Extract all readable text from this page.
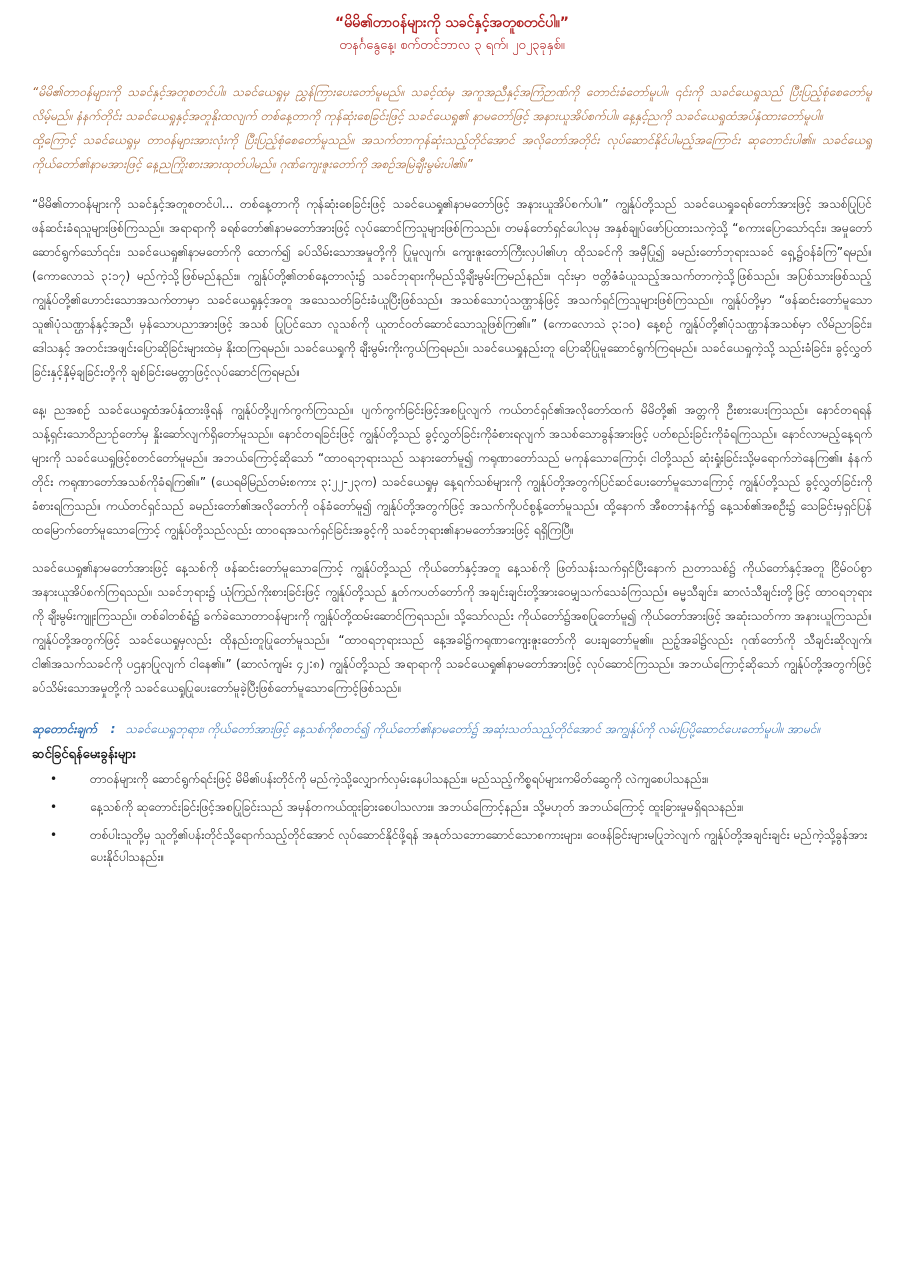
“မိမိ၏တာဝန်များကို သခင်နှင့်အတူစတင်ပါ။”
တနင်္ဂနွေနေ့၊ စက်တင်ဘာလ ၃ ရက်၊ ၂၀၂၃ခုနှစ်။

“မိမိ၏တာဝန်များကို သခင်နှင့်အတူစတင်ပါ။ သခင်ယေရှုမှ ညွှန်ကြားပေးတော်မူမည်။ သခင့်ထံမှ အကူအညီနှင့်အကြံဉာဏ်ကို တောင်းခံတော်မူပါ။ ၎င်းကို သခင်ယေရှုသည် ပြီးပြည့်စုံစေတော်မူလိမ့်မည်။ နံနက်တိုင်း သခင်ယေရှုနှင့်အတူနိုးထလျက် တစ်နေ့တာကို ကုန်ဆုံးစေခြင်းဖြင့် သခင်ယေရှု၏ နာမတော်ဖြင့် အနားယူအိပ်စက်ပါ။ နေ့နှင့်ညကို သခင်ယေရှုထံအပ်နှံထားတော်မူပါ။

ထို့ကြောင့် သခင်ယေရှုမှ တာဝန်များအားလုံးကို ပြီးပြည့်စုံစေတော်မူသည်။ အသက်တာကုန်ဆုံးသည့်တိုင်အောင် အလိုတော်အတိုင်း လုပ်ဆောင်နိုင်ပါမည့်အကြောင်း ဆုတောင်းပါ၏။ သခင်ယေရှု ကိုယ်တော်၏နာမအားဖြင့် နေ့ညကြိုးစားအားထုတ်ပါမည်။ ဂုဏ်ကျေးဇူးတော်ကို အစဉ်အမြဲချီးမွမ်းပါ၏။”

“မိမိ၏တာဝန်များကို သခင်နှင့်အတူစတင်ပါ... တစ်နေ့တာကို ကုန်ဆုံးစေခြင်းဖြင့် သခင်ယေရှု၏နာမတော်ဖြင့် အနားယူအိပ်စက်ပါ။” ကျွန်ုပ်တို့သည် သခင်ယေရှုခရစ်တော်အားဖြင့် အသစ်ပြုပြင်ဖန်ဆင်းခံရသူများဖြစ်ကြသည်။ အရာရာကို ခရစ်တော်၏နာမတော်အားဖြင့် လုပ်ဆောင်ကြသူများဖြစ်ကြသည်။ တမန်တော်ရှင်ပေါလုမှ အနှစ်ချုပ်ဖော်ပြထားသကဲ့သို့ “စကားပြောသော်၎င်း၊ အမှုတော်ဆောင်ရွက်သော်၎င်း၊ သခင်ယေရှု၏နာမတော်ကို ထောက်၍ ခပ်သိမ်းသောအမှုတို့ကို ပြုမူလျက်၊ ကျေးဇူးတော်ကြီးလှပါ၏ဟု ထိုသခင်ကို အမှီပြု၍ ခမည်းတော်ဘုရားသခင် ရှေ့၌ဝန်ခံကြ”ရမည်။ (ကောလောသဲ ၃:၁၇) မည်ကဲ့သို့ဖြစ်မည်နည်း။ ကျွန်ုပ်တို့၏တစ်နေ့တာလုံး၌ သခင်ဘုရားကိုမည်သို့ချီးမွမ်းကြမည်နည်း။ ၎င်းမှာ ဗတ္တိဇံခံယူသည့်အသက်တာကဲ့သို့ဖြစ်သည်။ အပြစ်သားဖြစ်သည့် ကျွန်ုပ်တို့၏ဟောင်းသောအသက်တာမှာ သခင်ယေရှုနှင့်အတူ အသေသတ်ခြင်းခံယူပြီးဖြစ်သည်။ အသစ်သောပုံသဏ္ဌာန်ဖြင့် အသက်ရှင်ကြသူများဖြစ်ကြသည်။ ကျွန်ုပ်တို့မှာ “ဖန်ဆင်းတော်မူသောသူ၏ပုံသဏ္ဌာန်နှင့်အညီ၊ မှန်သောပညာအားဖြင့် အသစ် ပြုပြင်သော လူသစ်ကို ယူတင်ဝတ်ဆောင်သောသူဖြစ်ကြ၏။” (ကောလောသဲ ၃:၁၀) နေ့စဉ် ကျွန်ုပ်တို့၏ပုံသဏ္ဌာန်အသစ်မှာ လိမ်ညာခြင်း၊ ဒေါသနှင့် အတင်းအဖျင်းပြောဆိုခြင်းများထဲမှ နိုးထကြရမည်။ သခင်ယေရှုကို ချီးမွမ်းကိုးကွယ်ကြရမည်။ သခင်ယေရှုနည်းတူ ပြောဆိုပြုမူဆောင်ရွက်ကြရမည်။ သခင်ယေရှုကဲ့သို့ သည်းခံခြင်း၊ ခွင့်လွှတ်ခြင်းနှင့်နှိမ့်ချခြင်းတို့ကို ချစ်ခြင်းမေတ္တာဖြင့်လုပ်ဆောင်ကြရမည်။

နေ့၊ ညအစဉ် သခင်ယေရှုထံအပ်နှံထားဖို့ရန် ကျွန်ုပ်တို့ပျက်ကွက်ကြသည်။ ပျက်ကွက်ခြင်းဖြင့်အစပြုလျက် ကယ်တင်ရှင်၏အလိုတော်ထက် မိမိတို့၏ အတ္တကို ဦးစားပေးကြသည်။ နောင်တရရန် သန့်ရှင်းသောဝိညာဉ်တော်မှ နှိုးဆော်လျက်ရှိတော်မူသည်။ နောင်တရခြင်းဖြင့် ကျွန်ုပ်တို့သည် ခွင့်လွှတ်ခြင်းကိုခံစားရလျက် အသစ်သောခွန်အားဖြင့် ပတ်စည်းခြင်းကိုခံရကြသည်။ နောင်လာမည့်နေ့ရက်များကို သခင်ယေရှုဖြင့်စတင်တော်မူမည်။ အဘယ်ကြောင့်ဆိုသော် “ထာဝရဘုရားသည် သနားတော်မူ၍ ကရုဏာတော်သည် မကုန်သောကြောင့်၊ ငါတို့သည် ဆုံးရှုံးခြင်းသို့မရောက်ဘဲနေကြ၏။ နံနက်တိုင်း ကရုဏာတော်အသစ်ကိုခံရကြ၏။” (ယေရမိမြည်တမ်းစကား ၃:၂၂-၂၃က) သခင်ယေရှုမှ နေ့ရက်သစ်များကို ကျွန်ုပ်တို့အတွက်ပြင်ဆင်ပေးတော်မူသောကြောင့် ကျွန်ုပ်တို့သည် ခွင့်လွှတ်ခြင်းကို ခံစားရကြသည်။ ကယ်တင်ရှင်သည် ခမည်းတော်၏အလိုတော်ကို ဝန်ခံတော်မူ၍ ကျွန်ုပ်တို့အတွက်ဖြင့် အသက်ကိုပင်စွန့်တော်မူသည်။ ထို့နောက် အီစတာနံနက်၌ နေ့သစ်၏အစဦး၌ သေခြင်းမှရှင်ပြန်ထမြောက်တော်မူသောကြောင့် ကျွန်ုပ်တို့သည်လည်း ထာဝရအသက်ရှင်ခြင်းအခွင့်ကို သခင်ဘုရား၏နာမတော်အားဖြင့် ရရှိကြပြီ။

သခင်ယေရှု၏နာမတော်အားဖြင့် နေ့သစ်ကို ဖန်ဆင်းတော်မူသောကြောင့် ကျွန်ုပ်တို့သည် ကိုယ်တော်နှင့်အတူ နေ့သစ်ကို ဖြတ်သန်းသက်ရှင်ပြီးနောက် ညတာသစ်၌ ကိုယ်တော်နှင့်အတူ ငြိမ်ဝပ်စွာအနားယူအိပ်စက်ကြရသည်။ သခင်ဘုရား၌ ယုံကြည်ကိုးစားခြင်းဖြင့် ကျွန်ုပ်တို့သည် နှုတ်ကပတ်တော်ကို အချင်းချင်းတို့အားဝေမျှသက်သေခံကြသည်။ ဓမ္မသီချင်း၊ ဆာလံသီချင်းတို့ဖြင့် ထာဝရဘုရားကို ချီးမွမ်းကျူးကြသည်။ တစ်ခါတစ်ရံ၌ ခက်ခဲသောတာဝန်များကို ကျွန်ုပ်တို့ထမ်းဆောင်ကြရသည်။ သို့သော်လည်း ကိုယ်တော်၌အစပြုတော်မူ၍ ကိုယ်တော်အားဖြင့် အဆုံးသတ်ကာ အနားယူကြသည်။ ကျွန်ုပ်တို့အတွက်ဖြင့် သခင်ယေရှုမှလည်း ထိုနည်းတူပြုတော်မူသည်။ “ထာဝရဘုရားသည် နေ့အခါ၌ကရုဏာကျေးဇူးတော်ကို ပေးချတော်မူ၏။ ညဉ့်အခါ၌လည်း ဂုဏ်တော်ကို သီချင်းဆိုလျက်၊ ငါ၏အသက်သခင်ကို ပဌနာပြုလျက် ငါနေ၏။” (ဆာလံကျမ်း ၄၂:၈) ကျွန်ုပ်တို့သည် အရာရာကို သခင်ယေရှု၏နာမတော်အားဖြင့် လုပ်ဆောင်ကြသည်။ အဘယ်ကြောင့်ဆိုသော် ကျွန်ုပ်တို့အတွက်ဖြင့် ခပ်သိမ်းသောအမှုတို့ကို သခင်ယေရှုပြုပေးတော်မူခဲ့ပြီးဖြစ်တော်မူသောကြောင့်ဖြစ်သည်။

ဆုတောင်းချက် : သခင်ယေရှုဘုရား၊ ကိုယ်တော်အားဖြင့် နေ့သစ်ကိုစတင်၍ ကိုယ်တော်၏နာမတော်၌ အဆုံးသတ်သည့်တိုင်အောင် အကျွန်ုပ်ကို လမ်းပြပို့ဆောင်ပေးတော်မူပါ။ အာမင်။
ဆင်ခြင်ရန်မေးခွန်းများ
•	တာဝန်များကို ဆောင်ရွက်ရင်းဖြင့် မိမိ၏ပန်းတိုင်ကို မည်ကဲ့သို့လျှောက်လှမ်းနေပါသနည်း။ မည်သည့်ကိစ္စရပ်များကမိတ်ဆွေကို လဲကျစေပါသနည်း။
•	နေ့သစ်ကို ဆုတောင်းခြင်းဖြင့်အစပြုခြင်းသည် အမှန်တကယ်ထူးခြားစေပါသလား။ အဘယ်ကြောင့်နည်း။ သို့မဟုတ် အဘယ်ကြောင့် ထူးခြားမှုမရှိရသနည်း။
•	တစ်ပါးသူတို့မှ သူတို့၏ပန်းတိုင်သို့ရောက်သည့်တိုင်အောင် လုပ်ဆောင်နိုင်ဖို့ရန် အနုတ်သဘောဆောင်သောစကားများ၊ ဝေဖန်ခြင်းများမပြုဘဲလျက် ကျွန်ုပ်တို့အချင်းချင်း မည်ကဲ့သို့ခွန်အားပေးနိုင်ပါသနည်း။
